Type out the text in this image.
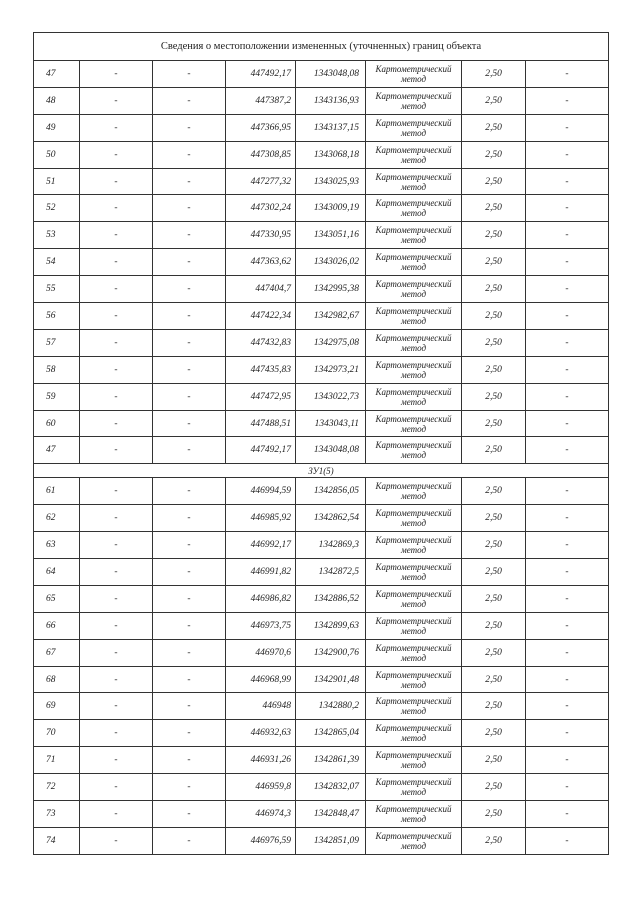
Сведения о местоположении измененных (уточненных) границ объекта							
47	-	-	447492,17	1343048,08	Картометрический метод	2,50	-
48	-	-	447387,2	1343136,93	Картометрический метод	2,50	-
49	-	-	447366,95	1343137,15	Картометрический метод	2,50	-
50	-	-	447308,85	1343068,18	Картометрический метод	2,50	-
51	-	-	447277,32	1343025,93	Картометрический метод	2,50	-
52	-	-	447302,24	1343009,19	Картометрический метод	2,50	-
53	-	-	447330,95	1343051,16	Картометрический метод	2,50	-
54	-	-	447363,62	1343026,02	Картометрический метод	2,50	-
55	-	-	447404,7	1342995,38	Картометрический метод	2,50	-
56	-	-	447422,34	1342982,67	Картометрический метод	2,50	-
57	-	-	447432,83	1342975,08	Картометрический метод	2,50	-
58	-	-	447435,83	1342973,21	Картометрический метод	2,50	-
59	-	-	447472,95	1343022,73	Картометрический метод	2,50	-
60	-	-	447488,51	1343043,11	Картометрический метод	2,50	-
47	-	-	447492,17	1343048,08	Картометрический метод	2,50	-
ЗУ1(5)							
61	-	-	446994,59	1342856,05	Картометрический метод	2,50	-
62	-	-	446985,92	1342862,54	Картометрический метод	2,50	-
63	-	-	446992,17	1342869,3	Картометрический метод	2,50	-
64	-	-	446991,82	1342872,5	Картометрический метод	2,50	-
65	-	-	446986,82	1342886,52	Картометрический метод	2,50	-
66	-	-	446973,75	1342899,63	Картометрический метод	2,50	-
67	-	-	446970,6	1342900,76	Картометрический метод	2,50	-
68	-	-	446968,99	1342901,48	Картометрический метод	2,50	-
69	-	-	446948	1342880,2	Картометрический метод	2,50	-
70	-	-	446932,63	1342865,04	Картометрический метод	2,50	-
71	-	-	446931,26	1342861,39	Картометрический метод	2,50	-
72	-	-	446959,8	1342832,07	Картометрический метод	2,50	-
73	-	-	446974,3	1342848,47	Картометрический метод	2,50	-
74	-	-	446976,59	1342851,09	Картометрический метод	2,50	-
